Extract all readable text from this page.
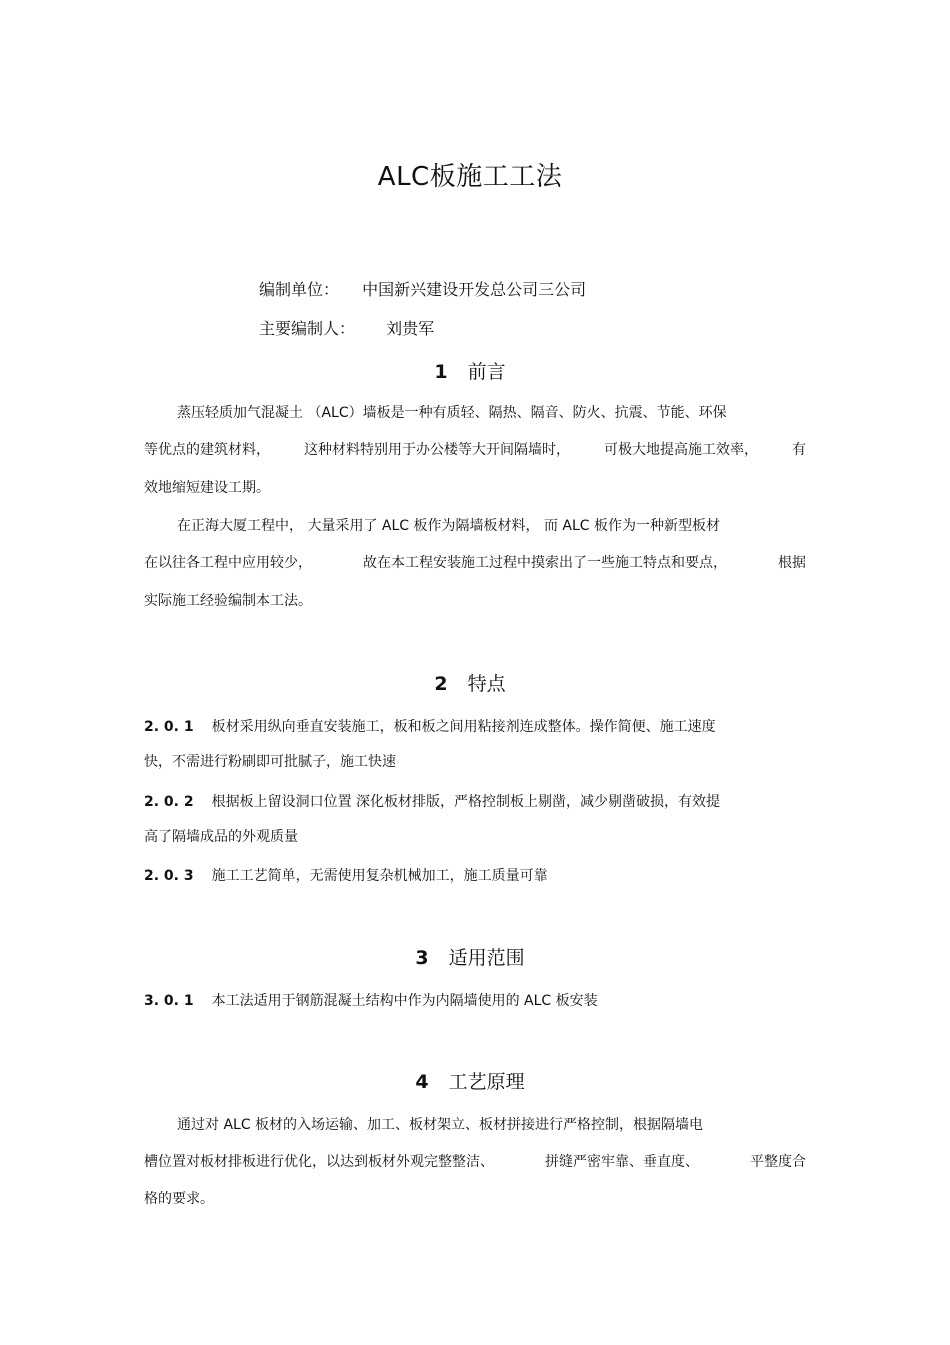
ALC板施工工法
编制单位： 中国新兴建设开发总公司三公司
主要编制人： 刘贵军
1 前言
蒸压轻质加气混凝土 （ALC）墙板是一种有质轻、隔热、隔音、防火、抗震、节能、环保
等优点的建筑材料， 这种材料特别用于办公楼等大开间隔墙时， 可极大地提高施工效率， 有
效地缩短建设工期。
在正海大厦工程中， 大量采用了 ALC 板作为隔墙板材料， 而 ALC 板作为一种新型板材
在以往各工程中应用较少，	故在本工程安装施工过程中摸索出了一些施工特点和要点，	根据
实际施工经验编制本工法。
2 特点
2. 0. 1 板材采用纵向垂直安装施工，板和板之间用粘接剂连成整体。操作简便、施工速度
快，不需进行粉刷即可批腻子，施工快速
2. 0. 2 根据板上留设洞口位置 深化板材排版，严格控制板上剔凿，减少剔凿破损，有效提
高了隔墙成品的外观质量
2. 0. 3 施工工艺简单，无需使用复杂机械加工，施工质量可靠
3 适用范围
3. 0. 1 本工法适用于钢筋混凝土结构中作为内隔墙使用的 ALC 板安装
4 工艺原理
通过对 ALC 板材的入场运输、加工、板材架立、板材拼接进行严格控制，根据隔墙电
槽位置对板材排板进行优化，以达到板材外观完整整洁、	拼缝严密牢靠、垂直度、	平整度合
格的要求。
